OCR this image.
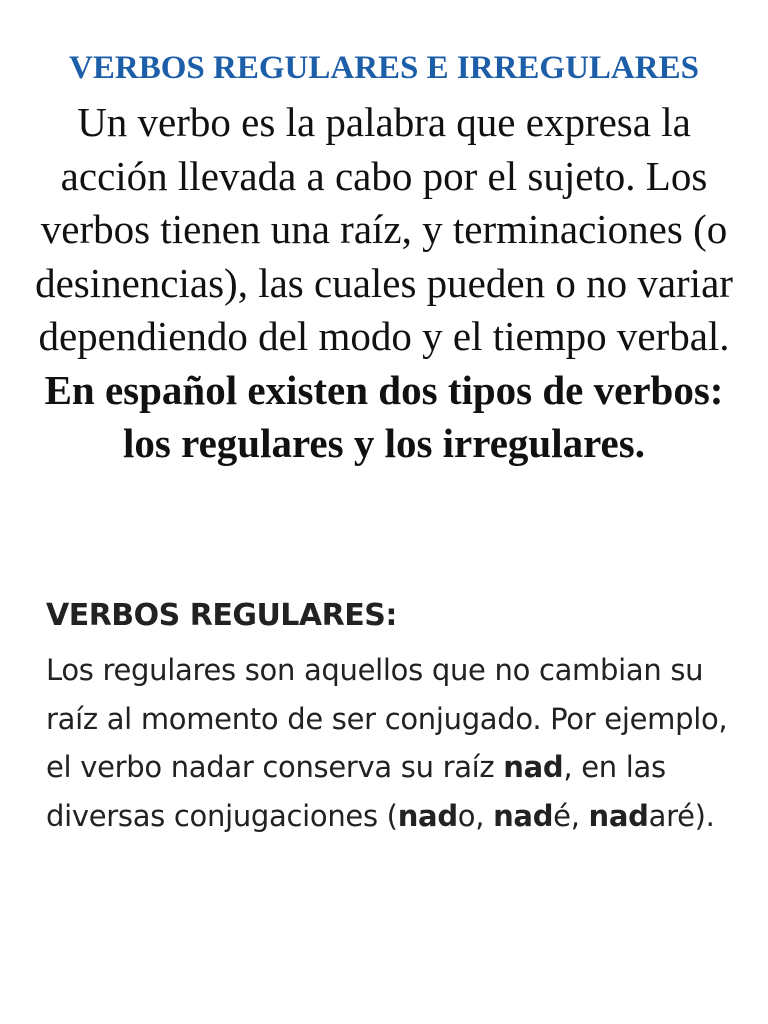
VERBOS REGULARES E IRREGULARES

Un verbo es la palabra que expresa la acción llevada a cabo por el sujeto. Los verbos tienen una raíz, y terminaciones (o desinencias), las cuales pueden o no variar dependiendo del modo y el tiempo verbal. En español existen dos tipos de verbos: los regulares y los irregulares.

VERBOS REGULARES:

Los regulares son aquellos que no cambian su raíz al momento de ser conjugado. Por ejemplo, el verbo nadar conserva su raíz nad, en las diversas conjugaciones (nado, nadé, nadaré).
